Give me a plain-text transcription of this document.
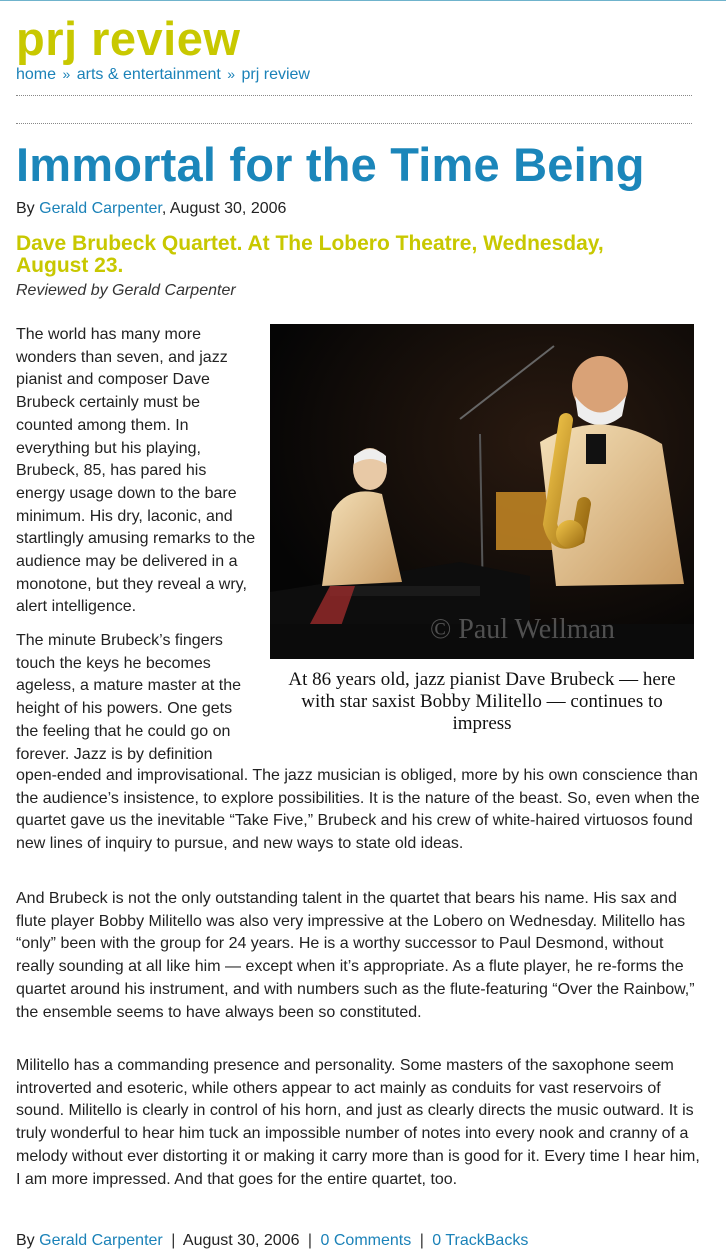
prj review
home » arts & entertainment » prj review
Immortal for the Time Being
By Gerald Carpenter, August 30, 2006
Dave Brubeck Quartet. At The Lobero Theatre, Wednesday, August 23.
Reviewed by Gerald Carpenter
© Paul Wellman
At 86 years old, jazz pianist Dave Brubeck — here with star saxist Bobby Militello — continues to impress

The world has many more wonders than seven, and jazz pianist and composer Dave Brubeck certainly must be counted among them. In everything but his playing, Brubeck, 85, has pared his energy usage down to the bare minimum. His dry, laconic, and startlingly amusing remarks to the audience may be delivered in a monotone, but they reveal a wry, alert intelligence.

The minute Brubeck’s fingers touch the keys he becomes ageless, a mature master at the height of his powers. One gets the feeling that he could go on forever. Jazz is by definition

open-ended and improvisational. The jazz musician is obliged, more by his own conscience than the audience’s insistence, to explore possibilities. It is the nature of the beast. So, even when the quartet gave us the inevitable “Take Five,” Brubeck and his crew of white-haired virtuosos found new lines of inquiry to pursue, and new ways to state old ideas.

And Brubeck is not the only outstanding talent in the quartet that bears his name. His sax and flute player Bobby Militello was also very impressive at the Lobero on Wednesday. Militello has “only” been with the group for 24 years. He is a worthy successor to Paul Desmond, without really sounding at all like him — except when it’s appropriate. As a flute player, he re-forms the quartet around his instrument, and with numbers such as the flute-featuring “Over the Rainbow,” the ensemble seems to have always been so constituted.

Militello has a commanding presence and personality. Some masters of the saxophone seem introverted and esoteric, while others appear to act mainly as conduits for vast reservoirs of sound. Militello is clearly in control of his horn, and just as clearly directs the music outward. It is truly wonderful to hear him tuck an impossible number of notes into every nook and cranny of a melody without ever distorting it or making it carry more than is good for it. Every time I hear him, I am more impressed. And that goes for the entire quartet, too.

By Gerald Carpenter | August 30, 2006 | 0 Comments | 0 TrackBacks
